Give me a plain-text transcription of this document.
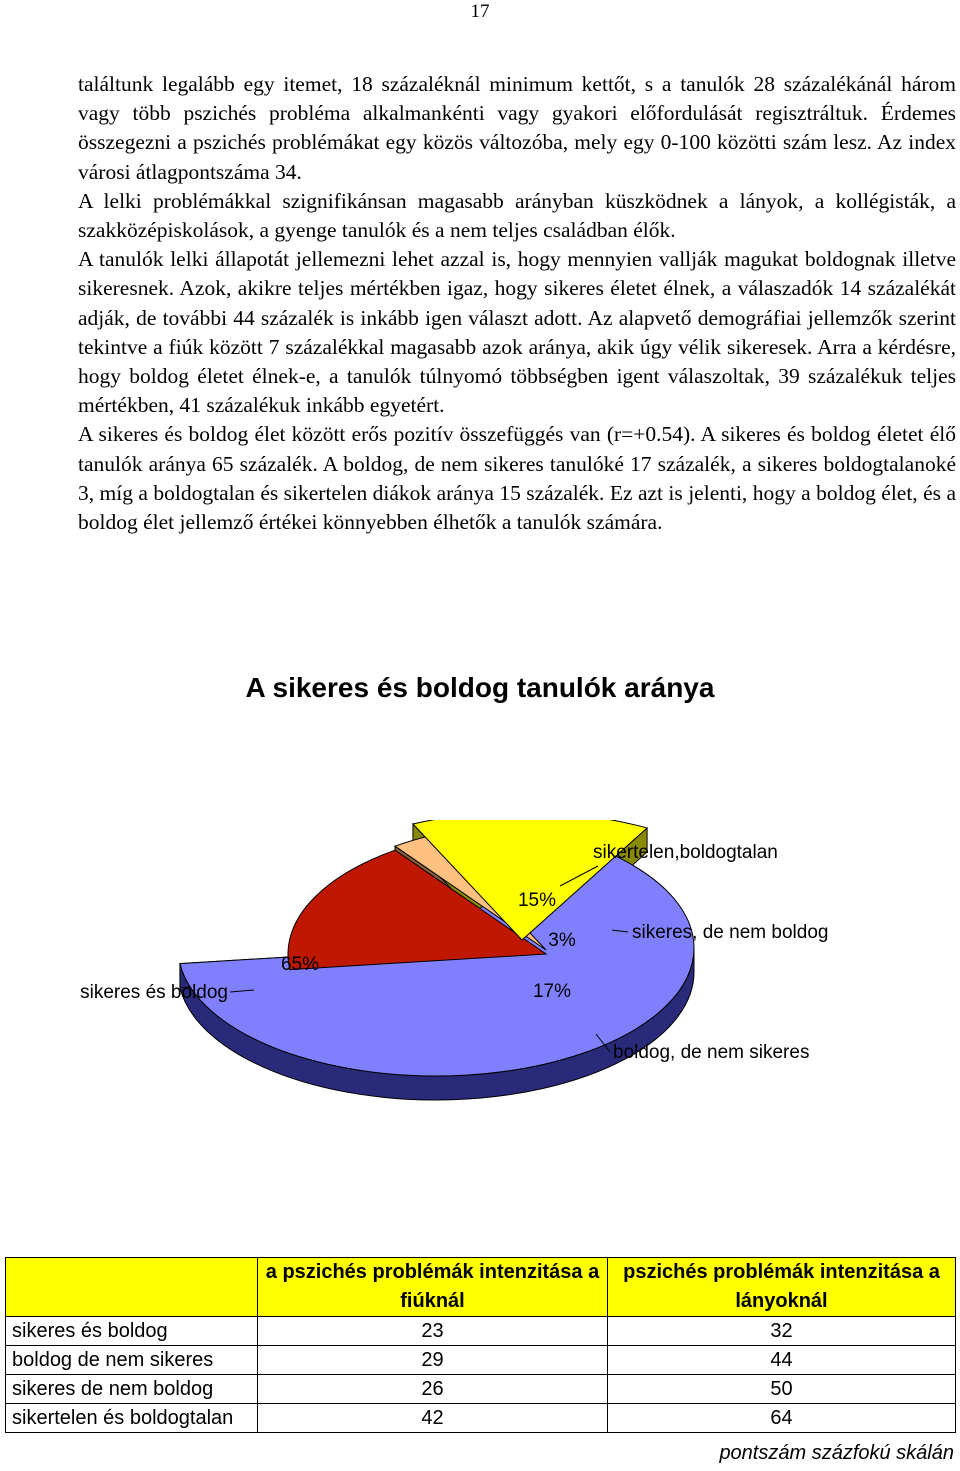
17

találtunk legalább egy itemet, 18 százaléknál minimum kettőt, s a tanulók 28 százalékánál három vagy több pszichés probléma alkalmankénti vagy gyakori előfordulását regisztráltuk. Érdemes összegezni a pszichés problémákat egy közös változóba, mely egy 0-100 közötti szám lesz. Az index városi átlagpontszáma 34.

A lelki problémákkal szignifikánsan magasabb arányban küszködnek a lányok, a kollégisták, a szakközépiskolások, a gyenge tanulók és a nem teljes családban élők.

A tanulók lelki állapotát jellemezni lehet azzal is, hogy mennyien vallják magukat boldognak illetve sikeresnek. Azok, akikre teljes mértékben igaz, hogy sikeres életet élnek, a válaszadók 14 százalékát adják, de további 44 százalék is inkább igen választ adott. Az alapvető demográfiai jellemzők szerint tekintve a fiúk között 7 százalékkal magasabb azok aránya, akik úgy vélik sikeresek. Arra a kérdésre, hogy boldog életet élnek-e, a tanulók túlnyomó többségben igent válaszoltak, 39 százalékuk teljes mértékben, 41 százalékuk inkább egyetért.

A sikeres és boldog élet között erős pozitív összefüggés van (r=+0.54). A sikeres és boldog életet élő tanulók aránya 65 százalék. A boldog, de nem sikeres tanulóké 17 százalék, a sikeres boldogtalanoké 3, míg a boldogtalan és sikertelen diákok aránya 15 százalék. Ez azt is jelenti, hogy a boldog élet, és a boldog élet jellemző értékei könnyebben élhetők a tanulók számára.

A sikeres és boldog tanulók aránya
sikeres és boldog
65%
boldog, de nem sikeres
17%
sikeres, de nem boldog
3%
sikertelen,boldogtalan
15%
	a pszichés problémák intenzitása a fiúknál	pszichés problémák intenzitása a lányoknál
sikeres és boldog	23	32
boldog de nem sikeres	29	44
sikeres de nem boldog	26	50
sikertelen és boldogtalan	42	64
pontszám százfokú skálán
